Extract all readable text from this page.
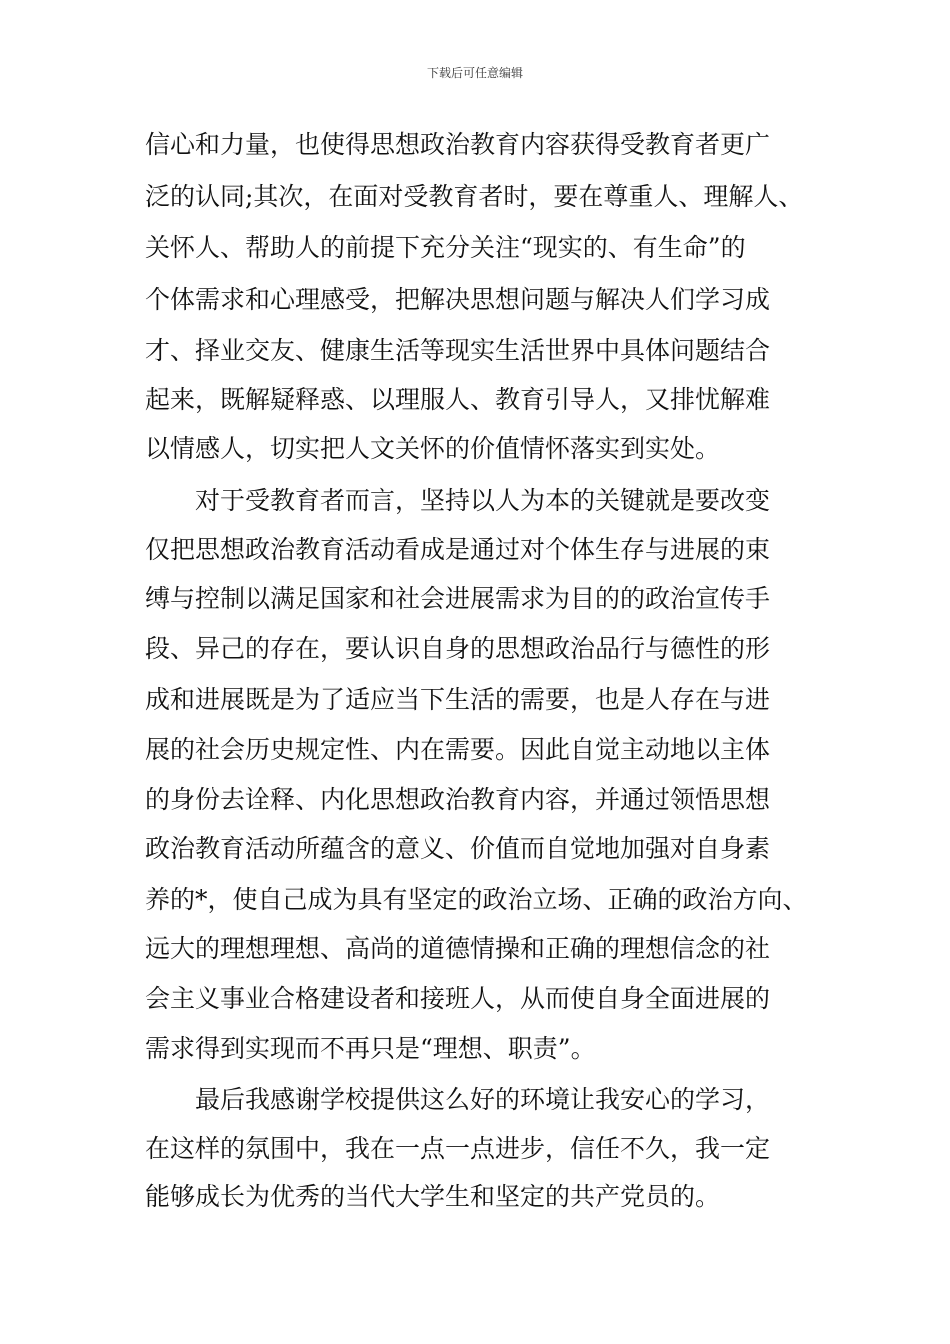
下载后可任意编辑

信心和力量，也使得思想政治教育内容获得受教育者更广

泛的认同;其次，在面对受教育者时，要在尊重人、理解人、

关怀人、帮助人的前提下充分关注“现实的、有生命”的

个体需求和心理感受，把解决思想问题与解决人们学习成

才、择业交友、健康生活等现实生活世界中具体问题结合

起来，既解疑释惑、以理服人、教育引导人，又排忧解难

以情感人，切实把人文关怀的价值情怀落实到实处。

　　对于受教育者而言，坚持以人为本的关键就是要改变

仅把思想政治教育活动看成是通过对个体生存与进展的束

缚与控制以满足国家和社会进展需求为目的的政治宣传手

段、异己的存在，要认识自身的思想政治品行与德性的形

成和进展既是为了适应当下生活的需要，也是人存在与进

展的社会历史规定性、内在需要。因此自觉主动地以主体

的身份去诠释、内化思想政治教育内容，并通过领悟思想

政治教育活动所蕴含的意义、价值而自觉地加强对自身素

养的*，使自己成为具有坚定的政治立场、正确的政治方向、

远大的理想理想、高尚的道德情操和正确的理想信念的社

会主义事业合格建设者和接班人，从而使自身全面进展的

需求得到实现而不再只是“理想、职责”。

　　最后我感谢学校提供这么好的环境让我安心的学习，

在这样的氛围中，我在一点一点进步，信任不久，我一定

能够成长为优秀的当代大学生和坚定的共产党员的。
